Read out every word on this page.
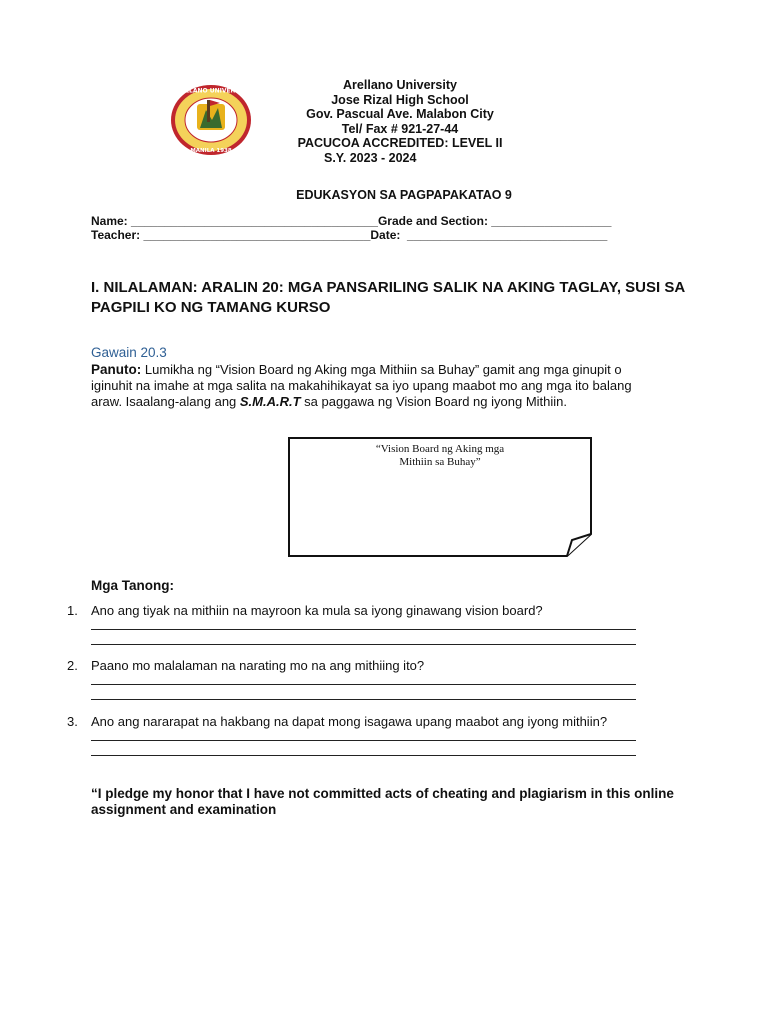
ARELLANO UNIVERSITY
MANILA 1938
Arellano University
Jose Rizal High School
Gov. Pascual Ave. Malabon City
Tel/ Fax # 921-27-44
PACUCOA ACCREDITED: LEVEL II
S.Y. 2023 - 2024
EDUKASYON SA PAGPAPAKATAO 9
Name: _____________________________________Grade and Section: __________________
Teacher: __________________________________Date:  ______________________________
I. NILALAMAN: ARALIN 20: MGA PANSARILING SALIK NA AKING TAGLAY, SUSI SA PAGPILI KO NG TAMANG KURSO
Gawain 20.3
Panuto: Lumikha ng “Vision Board ng Aking mga Mithiin sa Buhay” gamit ang mga ginupit o iginuhit na imahe at mga salita na makahihikayat sa iyo upang maabot mo ang mga ito balang araw. Isaalang-alang ang S.M.A.R.T sa paggawa ng Vision Board ng iyong Mithiin.
“Vision Board ng Aking mga
Mithiin sa Buhay”
Mga Tanong:
1. Ano ang tiyak na mithiin na mayroon ka mula sa iyong ginawang vision board?
2. Paano mo malalaman na narating mo na ang mithiing ito?
3. Ano ang nararapat na hakbang na dapat mong isagawa upang maabot ang iyong mithiin?
“I pledge my honor that I have not committed acts of cheating and plagiarism in this online assignment and examination
